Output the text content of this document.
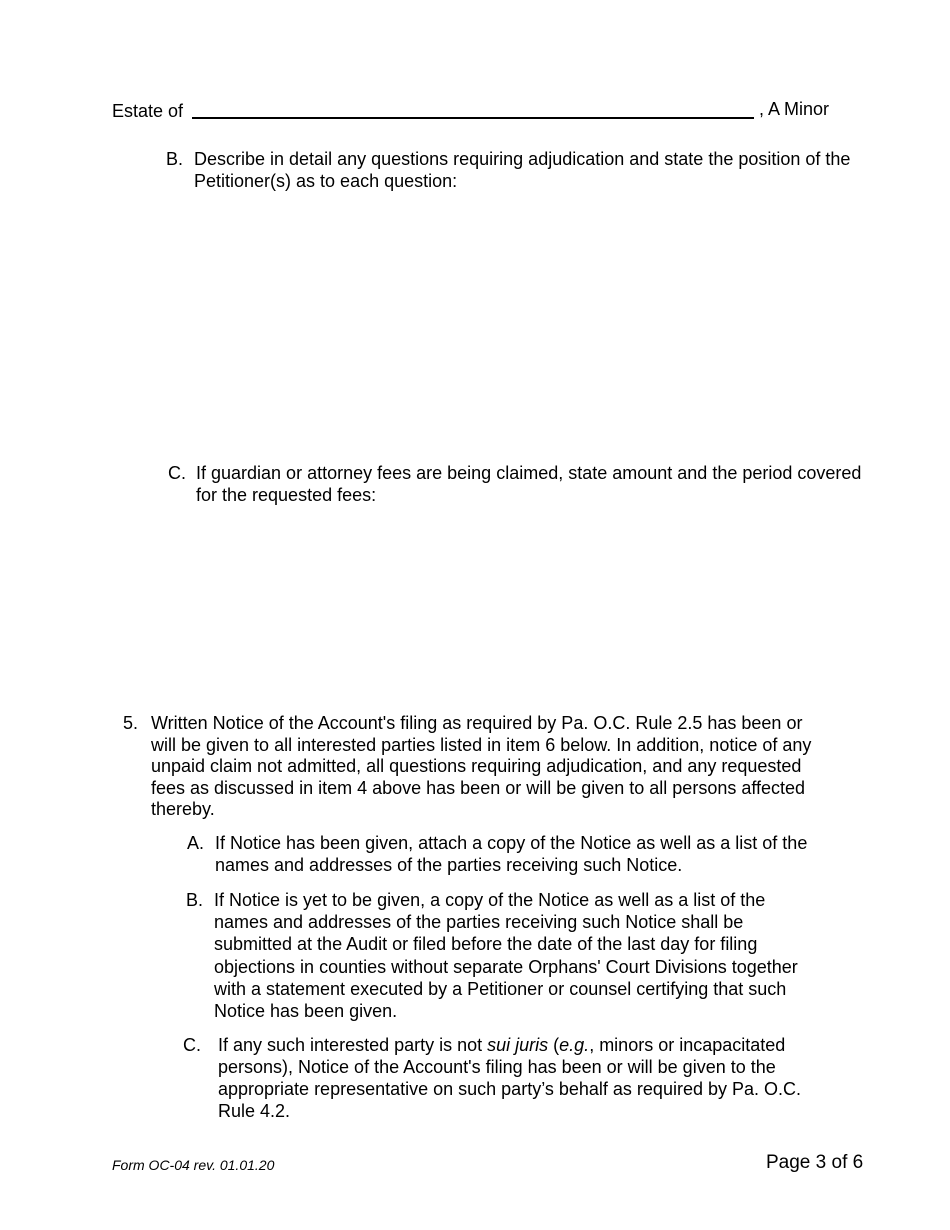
Estate of	, A Minor
B. Describe in detail any questions requiring adjudication and state the position of the
Petitioner(s) as to each question:
C. If guardian or attorney fees are being claimed, state amount and the period covered
for the requested fees:
5. Written Notice of the Account's filing as required by Pa. O.C. Rule 2.5 has been or
will be given to all interested parties listed in item 6 below. In addition, notice of any
unpaid claim not admitted, all questions requiring adjudication, and any requested
fees as discussed in item 4 above has been or will be given to all persons affected
thereby.
A. If Notice has been given, attach a copy of the Notice as well as a list of the
names and addresses of the parties receiving such Notice.
B. If Notice is yet to be given, a copy of the Notice as well as a list of the
names and addresses of the parties receiving such Notice shall be
submitted at the Audit or filed before the date of the last day for filing
objections in counties without separate Orphans' Court Divisions together
with a statement executed by a Petitioner or counsel certifying that such
Notice has been given.
C. If any such interested party is not sui juris (e.g., minors or incapacitated
persons), Notice of the Account's filing has been or will be given to the
appropriate representative on such party’s behalf as required by Pa. O.C.
Rule 4.2.
Form OC-04 rev. 01.01.20	Page 3 of 6
